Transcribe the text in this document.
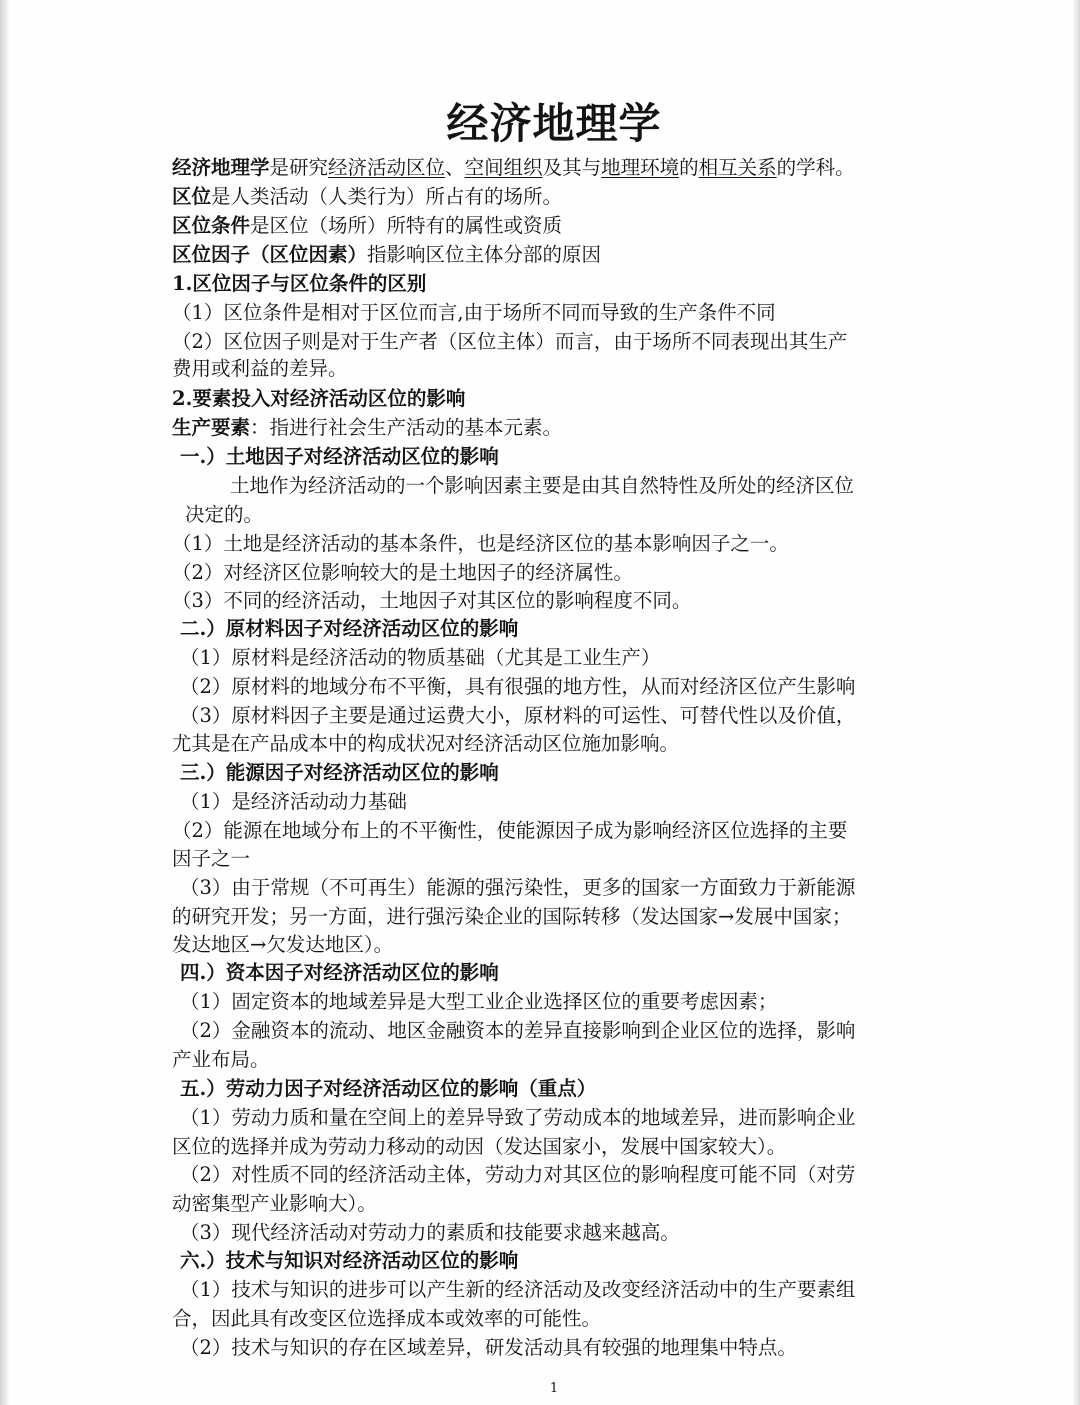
经济地理学
经济地理学是研究经济活动区位、空间组织及其与地理环境的相互关系的学科。
区位是人类活动（人类行为）所占有的场所。
区位条件是区位（场所）所特有的属性或资质
区位因子（区位因素）指影响区位主体分部的原因
1.区位因子与区位条件的区别
（1）区位条件是相对于区位而言,由于场所不同而导致的生产条件不同
（2）区位因子则是对于生产者（区位主体）而言，由于场所不同表现出其生产
费用或利益的差异。
2.要素投入对经济活动区位的影响
生产要素：指进行社会生产活动的基本元素。
一.）土地因子对经济活动区位的影响
土地作为经济活动的一个影响因素主要是由其自然特性及所处的经济区位
决定的。
（1）土地是经济活动的基本条件，也是经济区位的基本影响因子之一。
（2）对经济区位影响较大的是土地因子的经济属性。
（3）不同的经济活动，土地因子对其区位的影响程度不同。
二.）原材料因子对经济活动区位的影响
（1）原材料是经济活动的物质基础（尤其是工业生产）
（2）原材料的地域分布不平衡，具有很强的地方性，从而对经济区位产生影响
（3）原材料因子主要是通过运费大小，原材料的可运性、可替代性以及价值，
尤其是在产品成本中的构成状况对经济活动区位施加影响。
三.）能源因子对经济活动区位的影响
（1）是经济活动动力基础
（2）能源在地域分布上的不平衡性，使能源因子成为影响经济区位选择的主要
因子之一
（3）由于常规（不可再生）能源的强污染性，更多的国家一方面致力于新能源
的研究开发；另一方面，进行强污染企业的国际转移（发达国家→发展中国家；
发达地区→欠发达地区）。
四.）资本因子对经济活动区位的影响
（1）固定资本的地域差异是大型工业企业选择区位的重要考虑因素；
（2）金融资本的流动、地区金融资本的差异直接影响到企业区位的选择，影响
产业布局。
五.）劳动力因子对经济活动区位的影响（重点）
（1）劳动力质和量在空间上的差异导致了劳动成本的地域差异，进而影响企业
区位的选择并成为劳动力移动的动因（发达国家小，发展中国家较大）。
（2）对性质不同的经济活动主体，劳动力对其区位的影响程度可能不同（对劳
动密集型产业影响大）。
（3）现代经济活动对劳动力的素质和技能要求越来越高。
六.）技术与知识对经济活动区位的影响
（1）技术与知识的进步可以产生新的经济活动及改变经济活动中的生产要素组
合，因此具有改变区位选择成本或效率的可能性。
（2）技术与知识的存在区域差异，研发活动具有较强的地理集中特点。
1
